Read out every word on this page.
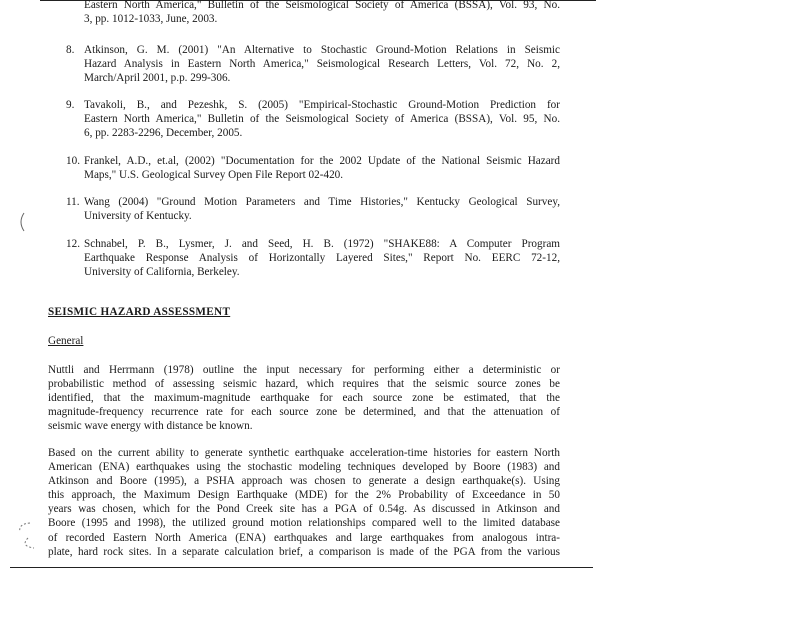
Eastern North America," Bulletin of the Seismological Society of America (BSSA), Vol. 93, No.
3, pp. 1012-1033, June, 2003.
8. Atkinson, G. M. (2001) "An Alternative to Stochastic Ground-Motion Relations in Seismic
Hazard Analysis in Eastern North America," Seismological Research Letters, Vol. 72, No. 2,
March/April 2001, p.p. 299-306.
9. Tavakoli, B., and Pezeshk, S. (2005) "Empirical-Stochastic Ground-Motion Prediction for
Eastern North America," Bulletin of the Seismological Society of America (BSSA), Vol. 95, No.
6, pp. 2283-2296, December, 2005.
10. Frankel, A.D., et.al, (2002) "Documentation for the 2002 Update of the National Seismic Hazard
Maps," U.S. Geological Survey Open File Report 02-420.
11. Wang (2004) "Ground Motion Parameters and Time Histories," Kentucky Geological Survey,
University of Kentucky.
12. Schnabel, P. B., Lysmer, J. and Seed, H. B. (1972) "SHAKE88: A Computer Program
Earthquake Response Analysis of Horizontally Layered Sites," Report No. EERC 72-12,
University of California, Berkeley.
SEISMIC HAZARD ASSESSMENT
General
Nuttli and Herrmann (1978) outline the input necessary for performing either a deterministic or
probabilistic method of assessing seismic hazard, which requires that the seismic source zones be
identified, that the maximum-magnitude earthquake for each source zone be estimated, that the
magnitude-frequency recurrence rate for each source zone be determined, and that the attenuation of
seismic wave energy with distance be known.
Based on the current ability to generate synthetic earthquake acceleration-time histories for eastern North
American (ENA) earthquakes using the stochastic modeling techniques developed by Boore (1983) and
Atkinson and Boore (1995), a PSHA approach was chosen to generate a design earthquake(s). Using
this approach, the Maximum Design Earthquake (MDE) for the 2% Probability of Exceedance in 50
years was chosen, which for the Pond Creek site has a PGA of 0.54g. As discussed in Atkinson and
Boore (1995 and 1998), the utilized ground motion relationships compared well to the limited database
of recorded Eastern North America (ENA) earthquakes and large earthquakes from analogous intra-
plate, hard rock sites. In a separate calculation brief, a comparison is made of the PGA from the various
